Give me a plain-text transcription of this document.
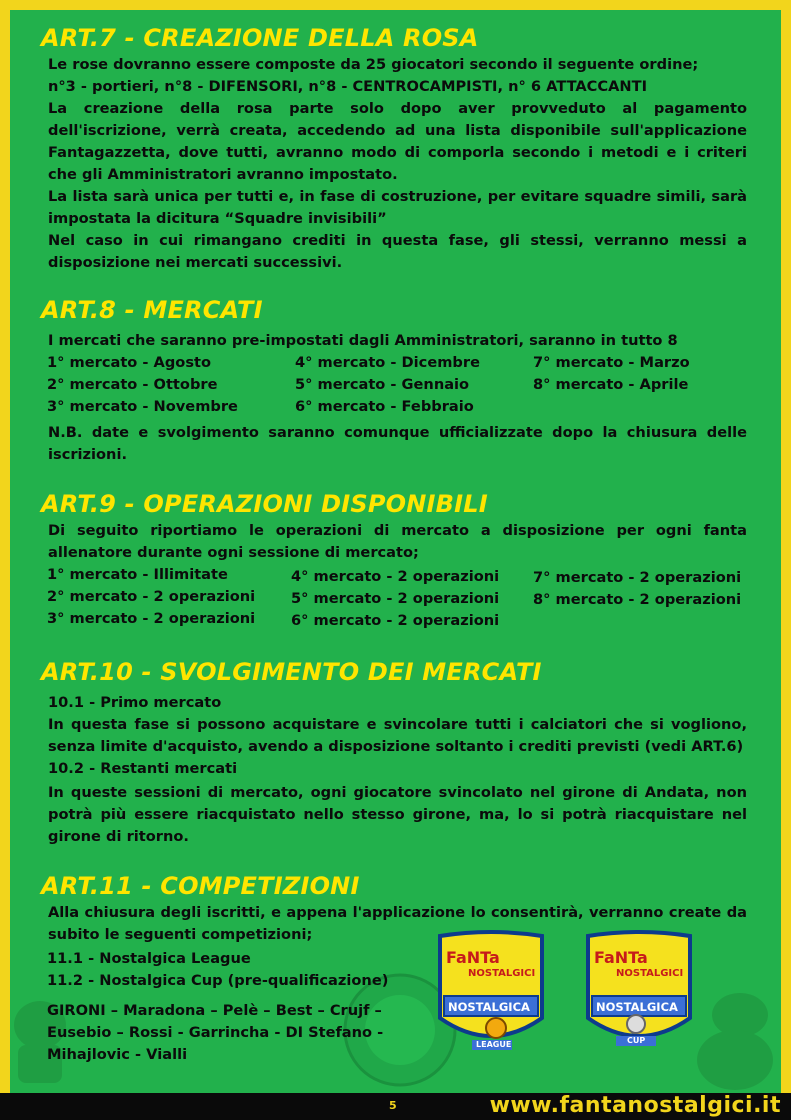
ART.7 - CREAZIONE DELLA ROSA
Le rose dovranno essere composte da 25 giocatori secondo il seguente ordine;
n°3 - portieri, n°8 - DIFENSORI, n°8 - CENTROCAMPISTI, n° 6 ATTACCANTI
La creazione della rosa parte solo dopo aver provveduto al pagamento dell'iscrizione, verrà creata, accedendo ad una lista disponibile sull'applicazione Fantagazzetta, dove tutti, avranno modo di comporla secondo i metodi e i criteri che gli Amministratori avranno impostato.
La lista sarà unica per tutti e, in fase di costruzione, per evitare squadre simili, sarà impostata la dicitura “Squadre invisibili”
Nel caso in cui rimangano crediti in questa fase, gli stessi, verranno messi a disposizione nei mercati successivi.
ART.8 - MERCATI
I mercati che saranno pre-impostati dagli Amministratori, saranno in tutto 8
1° mercato - Agosto	4° mercato - Dicembre	7° mercato - Marzo
2° mercato - Ottobre	5° mercato - Gennaio	8° mercato - Aprile
3° mercato - Novembre	6° mercato - Febbraio
N.B. date e svolgimento saranno comunque ufficializzate dopo la chiusura delle iscrizioni.
ART.9 - OPERAZIONI DISPONIBILI
Di seguito riportiamo le operazioni di mercato a disposizione per ogni fanta allenatore durante ogni sessione di mercato;
1° mercato - Illimitate	4° mercato - 2 operazioni 7° mercato - 2 operazioni
2° mercato - 2 operazioni 5° mercato - 2 operazioni 8° mercato - 2 operazioni
3° mercato - 2 operazioni 6° mercato - 2 operazioni
ART.10 - SVOLGIMENTO DEI MERCATI
10.1 - Primo mercato
In questa fase si possono acquistare e svincolare tutti i calciatori che si vogliono, senza limite d'acquisto, avendo a disposizione soltanto i crediti previsti (vedi ART.6)
10.2 - Restanti mercati
In queste sessioni di mercato, ogni giocatore svincolato nel girone di Andata, non potrà più essere riacquistato nello stesso girone, ma, lo si potrà riacquistare nel girone di ritorno.
ART.11 - COMPETIZIONI
Alla chiusura degli iscritti, e appena l'applicazione lo consentirà, verranno create da subito le seguenti competizioni;
11.1 - Nostalgica League
11.2 - Nostalgica Cup (pre-qualificazione)
GIRONI – Maradona – Pelè – Best – Crujf –
Eusebio – Rossi - Garrincha - DI Stefano -
Mihajlovic - Vialli
FaNTa
NOSTALGICI
NOSTALGICA
LEAGUE
FaNTa
NOSTALGICI
NOSTALGICA
CUP
5	www.fantanostalgici.it
